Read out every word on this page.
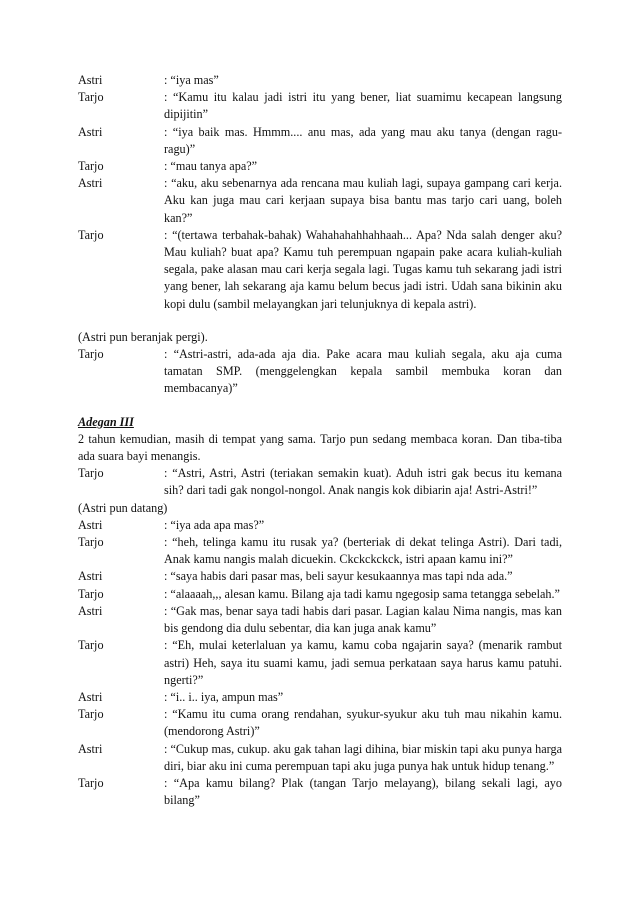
Astri	: “iya mas”
Tarjo	: “Kamu itu kalau jadi istri itu yang bener, liat suamimu kecapean langsung dipijitin”
Astri	: “iya baik mas. Hmmm.... anu mas, ada yang mau aku tanya (dengan ragu-ragu)”
Tarjo	: “mau tanya apa?”
Astri	: “aku, aku sebenarnya ada rencana mau kuliah lagi, supaya gampang cari kerja. Aku kan juga mau cari kerjaan supaya bisa bantu mas tarjo cari uang, boleh kan?”
Tarjo	: “(tertawa terbahak-bahak) Wahahahahhahhaah... Apa? Nda salah denger aku? Mau kuliah? buat apa? Kamu tuh perempuan ngapain pake acara kuliah-kuliah segala, pake alasan mau cari kerja segala lagi. Tugas kamu tuh sekarang jadi istri yang bener, lah sekarang aja kamu belum becus jadi istri. Udah sana bikinin aku kopi dulu (sambil melayangkan jari telunjuknya di kepala astri).
(Astri pun beranjak pergi).
Tarjo	: “Astri-astri, ada-ada aja dia. Pake acara mau kuliah segala, aku aja cuma tamatan SMP. (menggelengkan kepala sambil membuka koran dan membacanya)”
Adegan III
2 tahun kemudian, masih di tempat yang sama. Tarjo pun sedang membaca koran. Dan tiba-tiba ada suara bayi menangis.
Tarjo	: “Astri, Astri, Astri (teriakan semakin kuat). Aduh istri gak becus itu kemana sih? dari tadi gak nongol-nongol. Anak nangis kok dibiarin aja! Astri-Astri!”
(Astri pun datang)
Astri	: “iya ada apa mas?”
Tarjo	: “heh, telinga kamu itu rusak ya? (berteriak di dekat telinga Astri). Dari tadi, Anak kamu nangis malah dicuekin. Ckckckckck, istri apaan kamu ini?”
Astri	: “saya habis dari pasar mas, beli sayur kesukaannya mas tapi nda ada.”
Tarjo	: “alaaaah,,, alesan kamu. Bilang aja tadi kamu ngegosip sama tetangga sebelah.”
Astri	: “Gak mas, benar saya tadi habis dari pasar. Lagian kalau Nima nangis, mas kan bis gendong dia dulu sebentar, dia kan juga anak kamu”
Tarjo	: “Eh, mulai keterlaluan ya kamu, kamu coba ngajarin saya? (menarik rambut astri) Heh, saya itu suami kamu, jadi semua perkataan saya harus kamu patuhi. ngerti?”
Astri	: “i.. i.. iya, ampun mas”
Tarjo	: “Kamu itu cuma orang rendahan, syukur-syukur aku tuh mau nikahin kamu. (mendorong Astri)”
Astri	: “Cukup mas, cukup. aku gak tahan lagi dihina, biar miskin tapi aku punya harga diri, biar aku ini cuma perempuan tapi aku juga punya hak untuk hidup tenang.”
Tarjo	: “Apa kamu bilang? Plak (tangan Tarjo melayang), bilang sekali lagi, ayo bilang”
